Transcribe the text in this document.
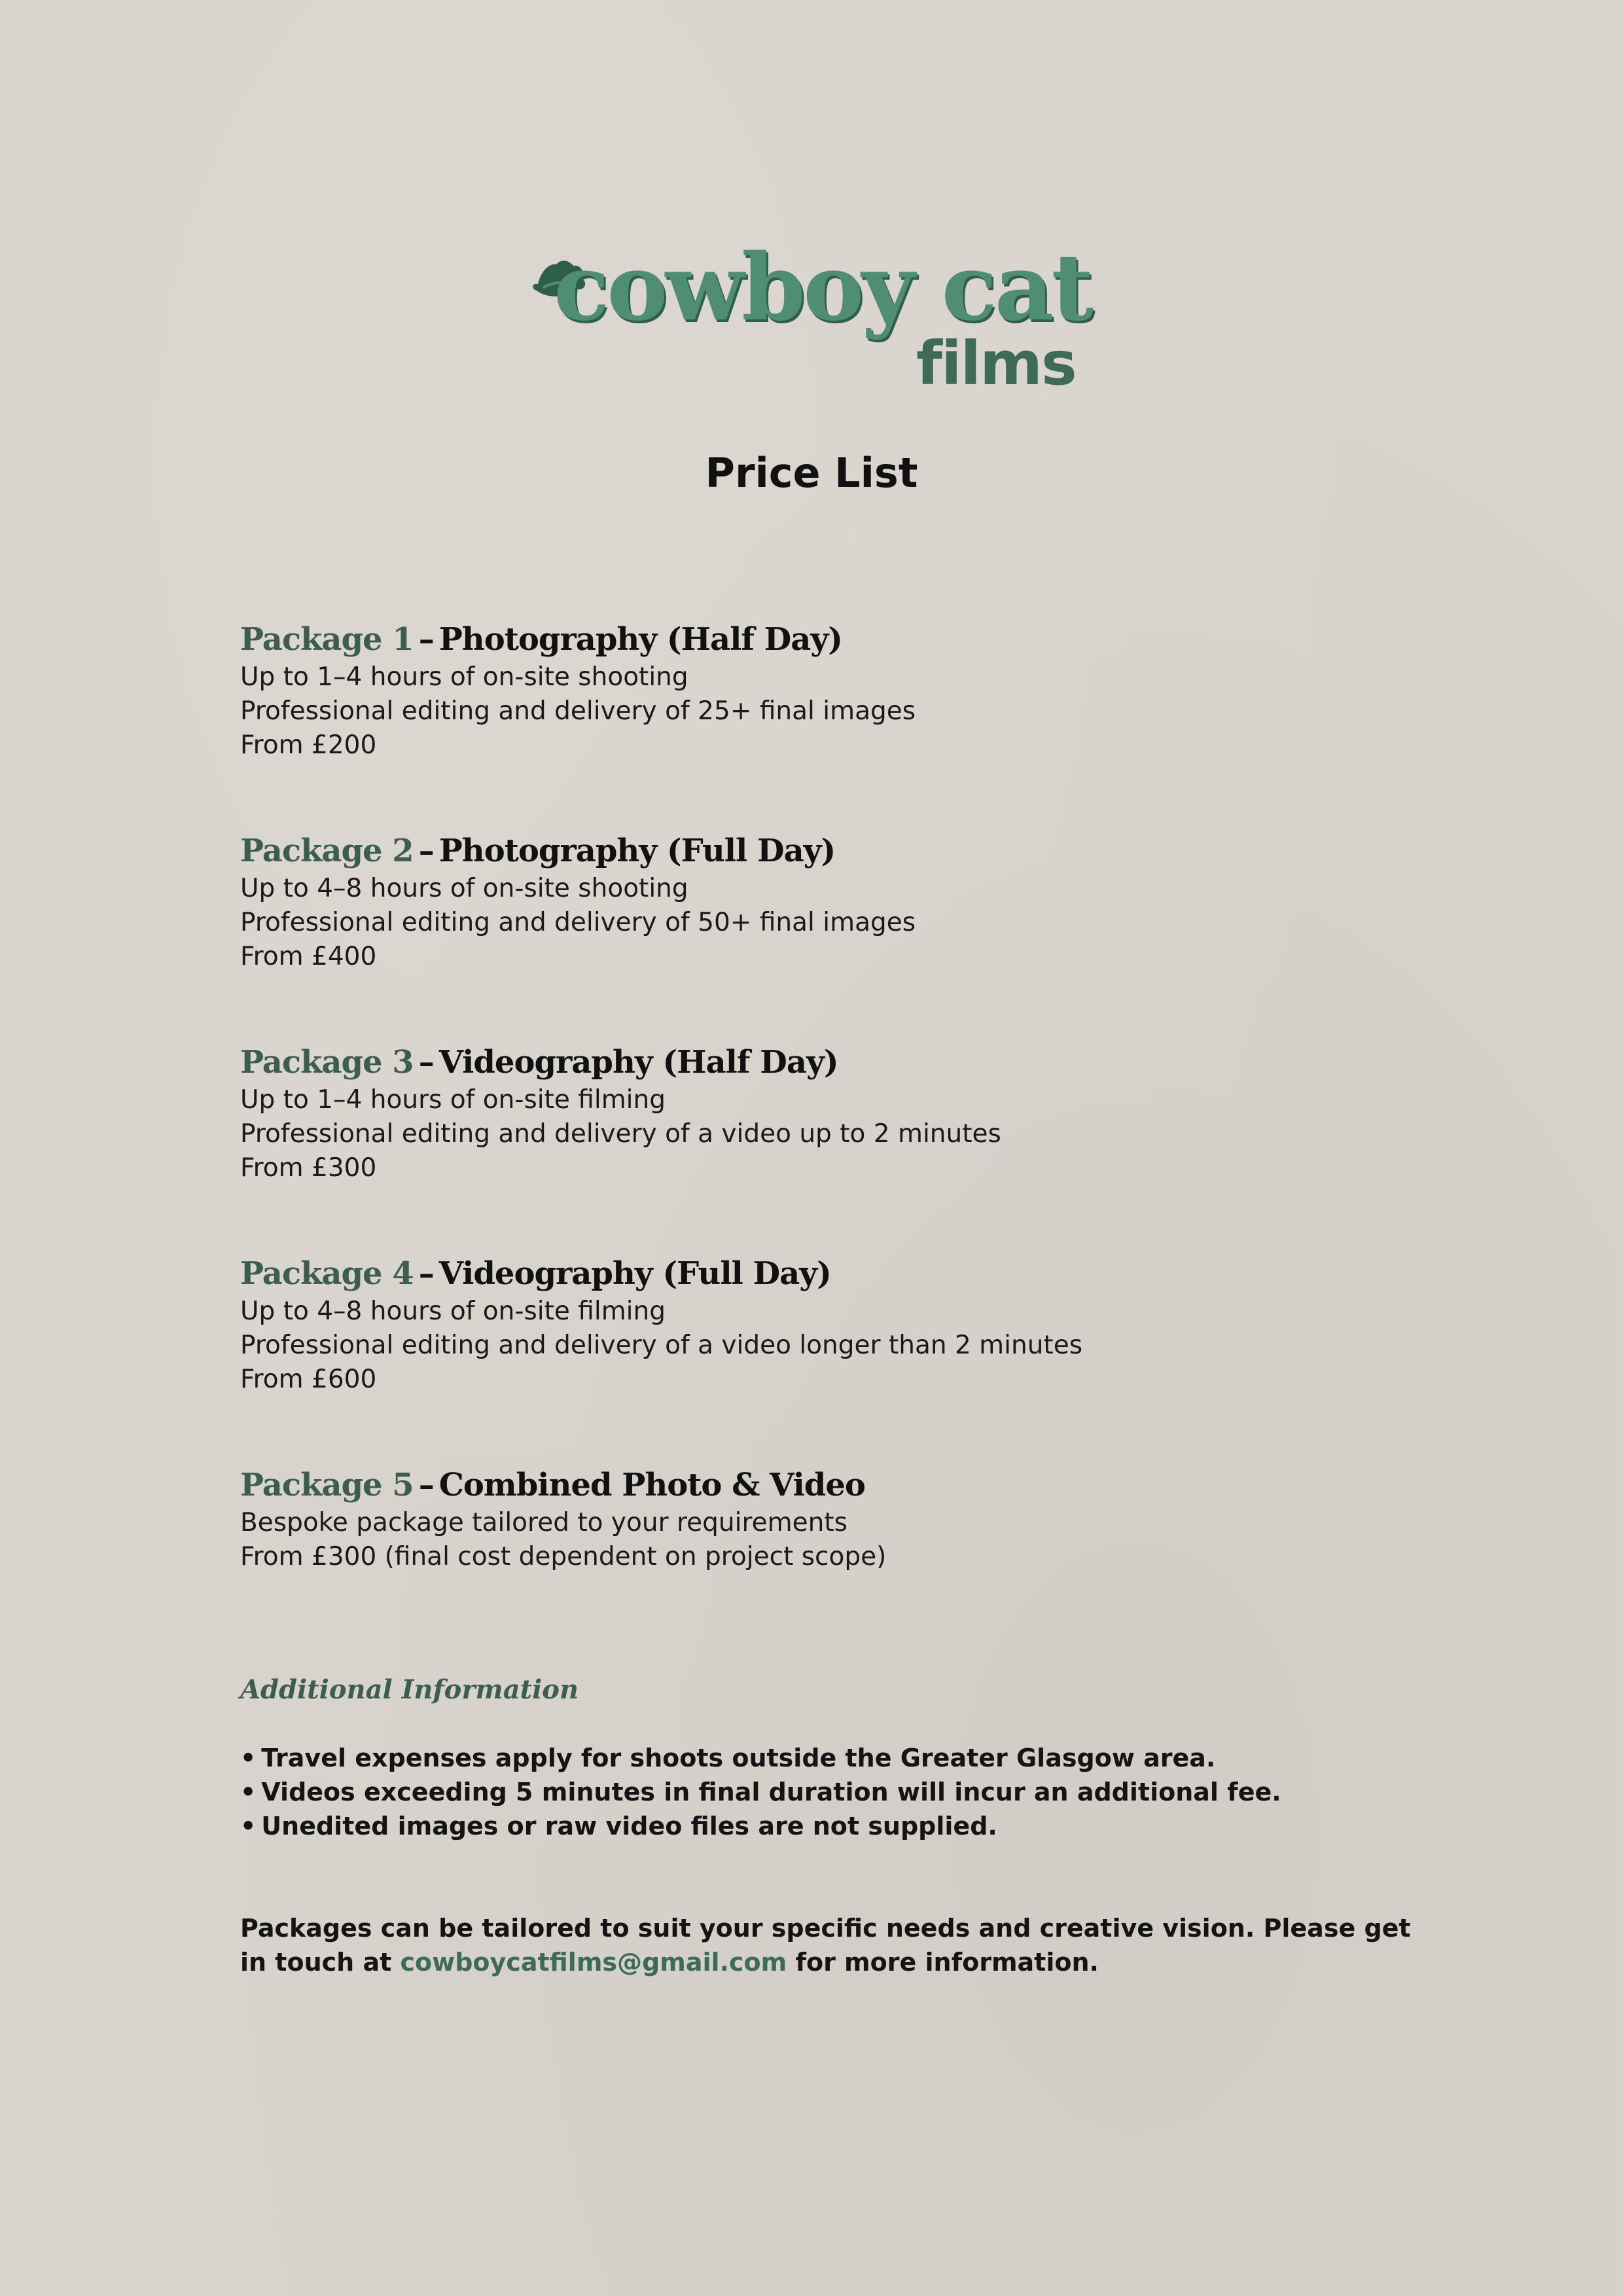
cowboy cat
films
Price List
Package 1 – Photography (Half Day)
Up to 1–4 hours of on-site shooting
Professional editing and delivery of 25+ final images
From £200
Package 2 – Photography (Full Day)
Up to 4–8 hours of on-site shooting
Professional editing and delivery of 50+ final images
From £400
Package 3 – Videography (Half Day)
Up to 1–4 hours of on-site filming
Professional editing and delivery of a video up to 2 minutes
From £300
Package 4 – Videography (Full Day)
Up to 4–8 hours of on-site filming
Professional editing and delivery of a video longer than 2 minutes
From £600
Package 5 – Combined Photo & Video
Bespoke package tailored to your requirements
From £300 (final cost dependent on project scope)
Additional Information
• Travel expenses apply for shoots outside the Greater Glasgow area.
• Videos exceeding 5 minutes in final duration will incur an additional fee.
• Unedited images or raw video files are not supplied.
Packages can be tailored to suit your specific needs and creative vision. Please get in touch at cowboycatfilms@gmail.com for more information.
